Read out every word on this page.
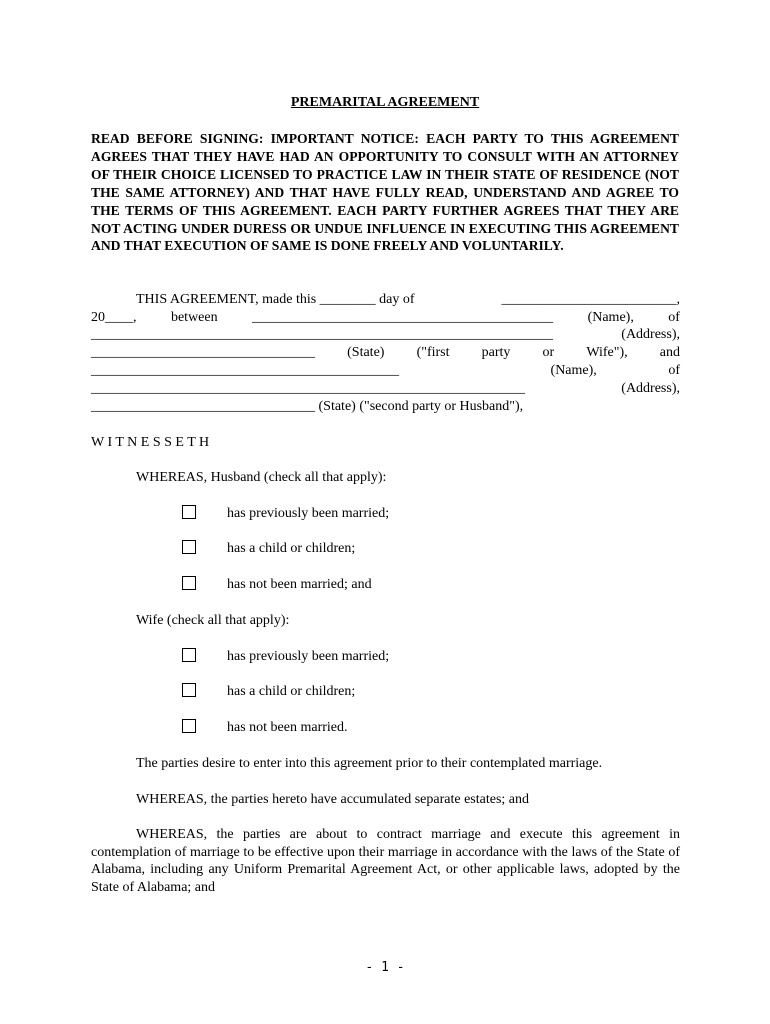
PREMARITAL AGREEMENT
READ BEFORE SIGNING: IMPORTANT NOTICE: EACH PARTY TO THIS AGREEMENT AGREES THAT THEY HAVE HAD AN OPPORTUNITY TO CONSULT WITH AN ATTORNEY OF THEIR CHOICE LICENSED TO PRACTICE LAW IN THEIR STATE OF RESIDENCE (NOT THE SAME ATTORNEY) AND THAT HAVE FULLY READ, UNDERSTAND AND AGREE TO THE TERMS OF THIS AGREEMENT. EACH PARTY FURTHER AGREES THAT THEY ARE NOT ACTING UNDER DURESS OR UNDUE INFLUENCE IN EXECUTING THIS AGREEMENT AND THAT EXECUTION OF SAME IS DONE FREELY AND VOLUNTARILY.
THIS AGREEMENT, made this ________ day of	_________________________,
20____, between ___________________________________________ (Name), of
__________________________________________________________________	(Address),
________________________________ (State) ("first party or Wife"), and
____________________________________________	(Name),	of
______________________________________________________________	(Address),
________________________________ (State) ("second party or Husband"),
W I T N E S S E T H
WHEREAS, Husband (check all that apply):
has previously been married;
has a child or children;
has not been married; and
Wife (check all that apply):
has previously been married;
has a child or children;
has not been married.
The parties desire to enter into this agreement prior to their contemplated marriage.
WHEREAS, the parties hereto have accumulated separate estates; and
WHEREAS, the parties are about to contract marriage and execute this agreement in contemplation of marriage to be effective upon their marriage in accordance with the laws of the State of Alabama, including any Uniform Premarital Agreement Act, or other applicable laws, adopted by the State of Alabama; and
- 1 -
